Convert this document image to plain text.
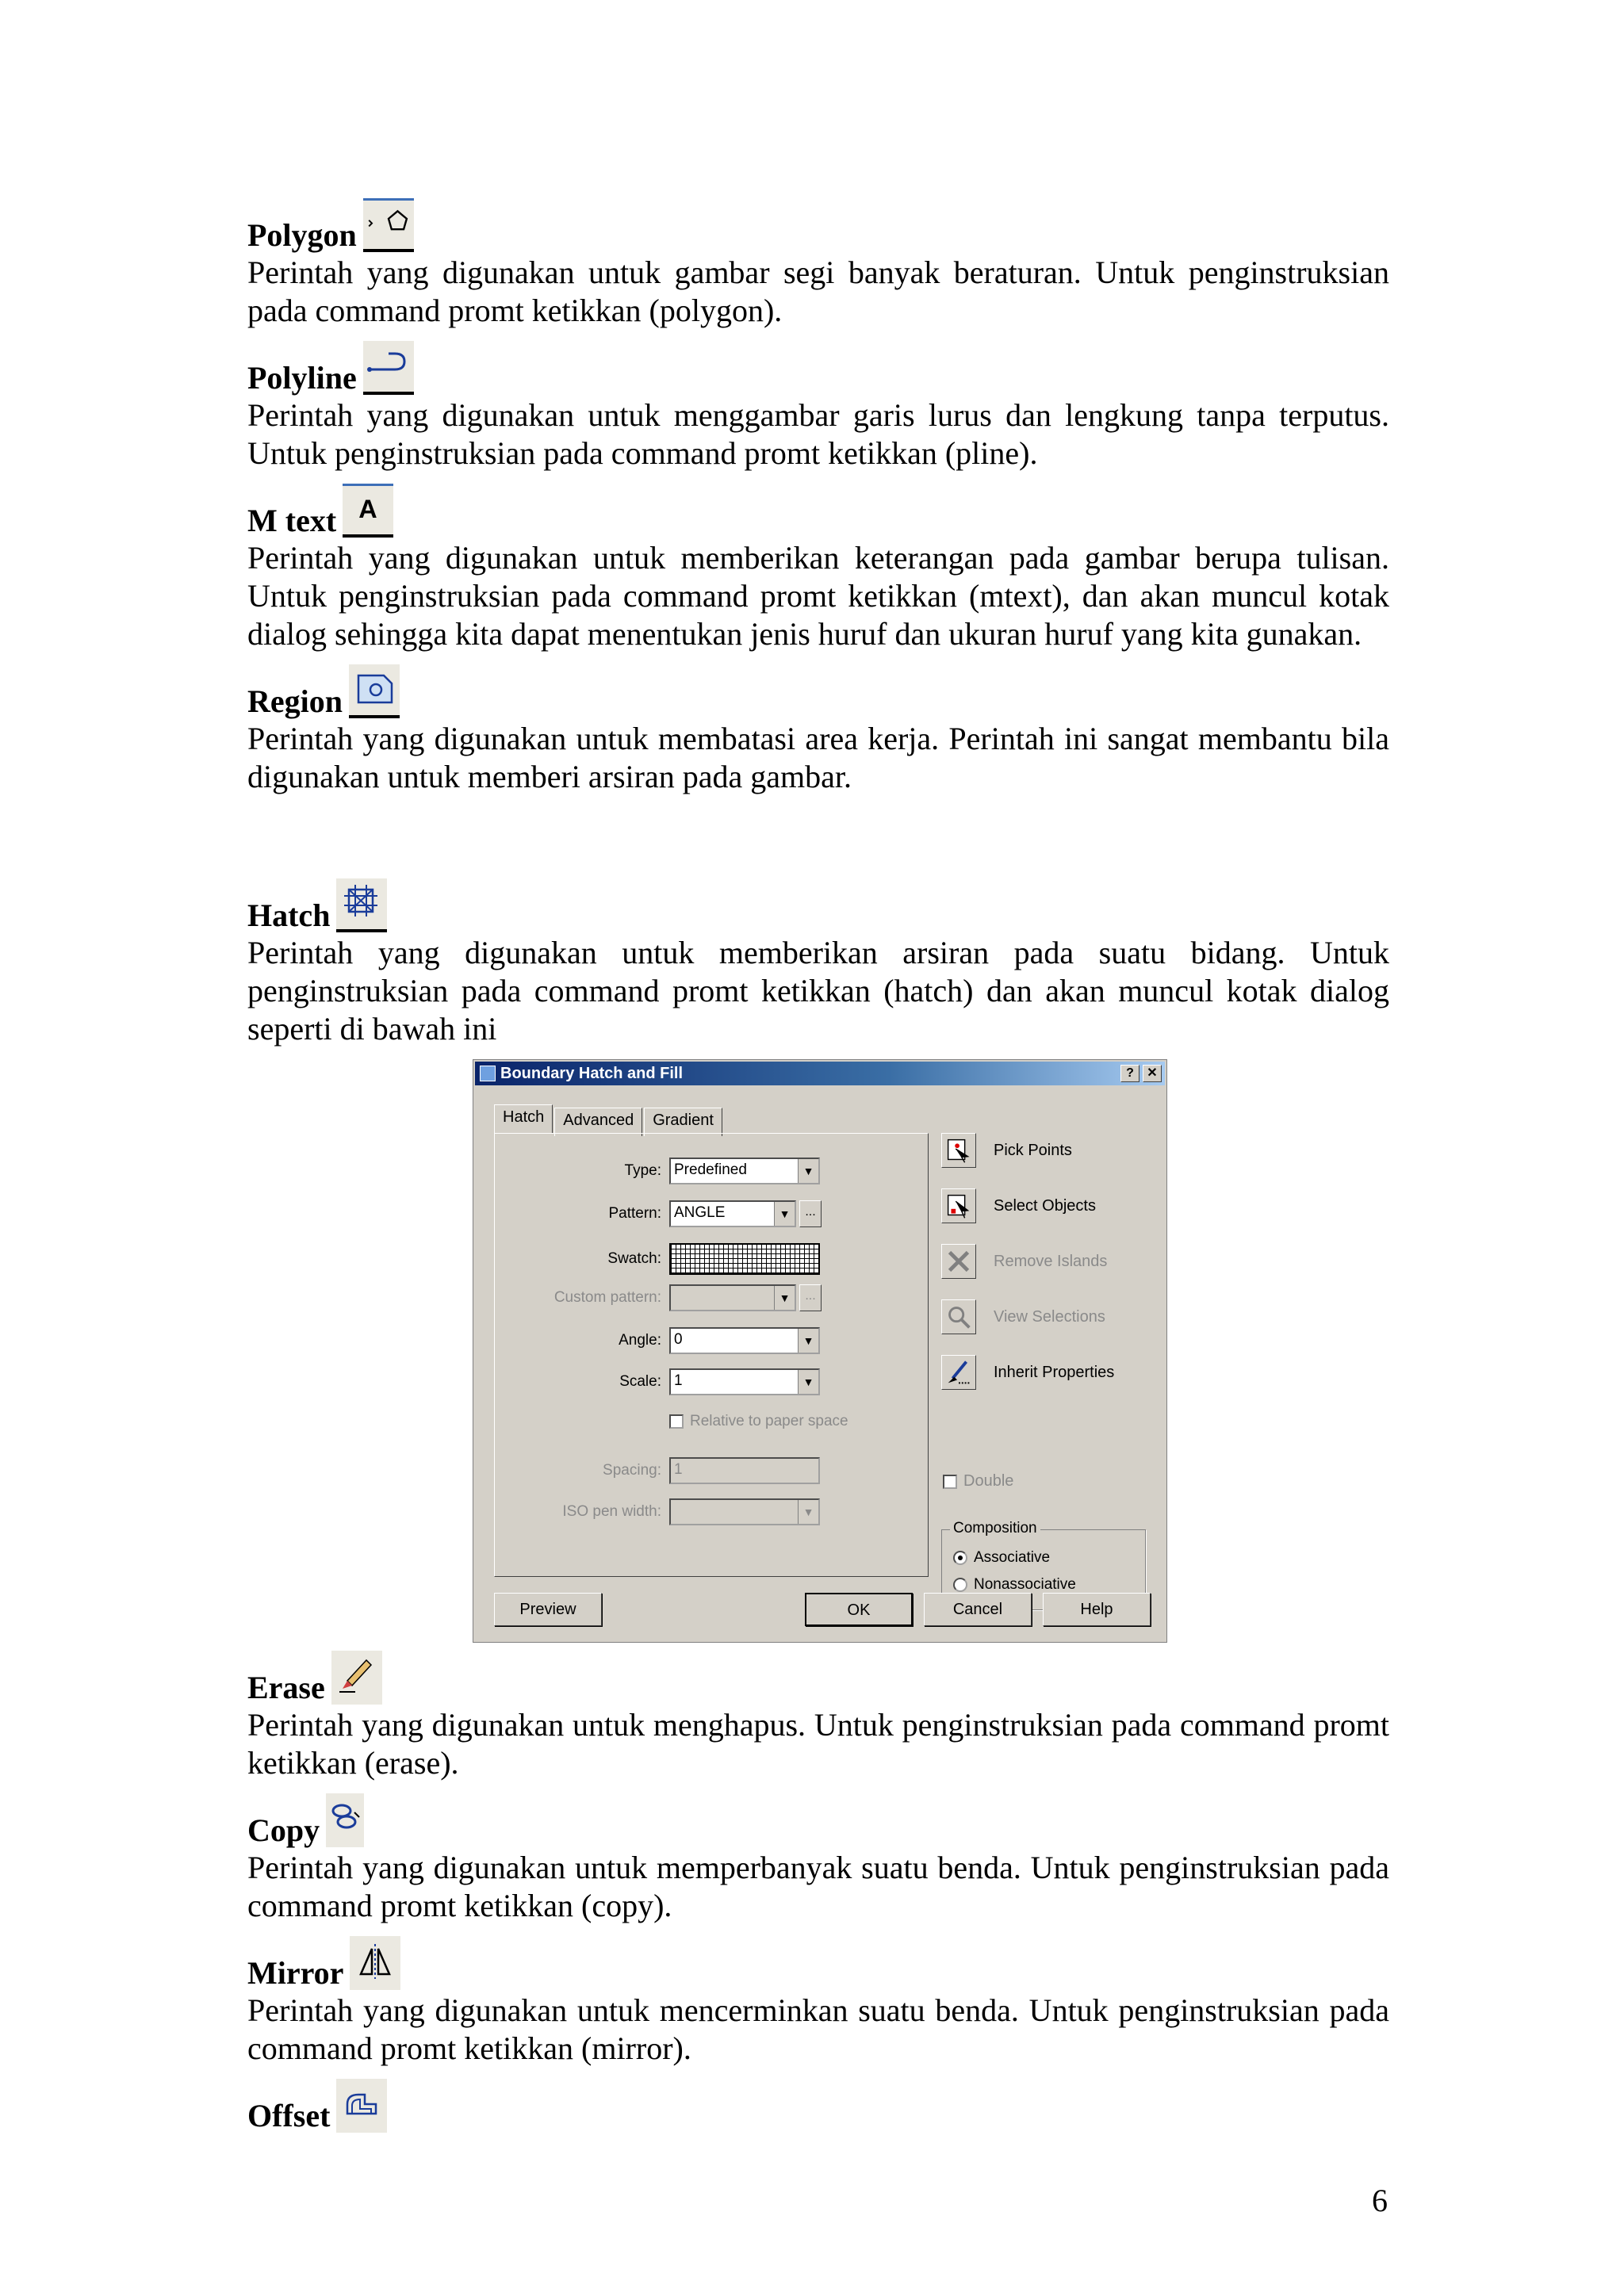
Polygon

Perintah yang digunakan untuk gambar segi banyak beraturan. Untuk penginstruksian pada command promt ketikkan (polygon).

Polyline

Perintah yang digunakan untuk menggambar garis lurus dan lengkung tanpa terputus. Untuk penginstruksian pada command promt ketikkan (pline).

M text A

Perintah yang digunakan untuk memberikan keterangan pada gambar berupa tulisan. Untuk penginstruksian pada command promt ketikkan (mtext), dan akan muncul kotak dialog sehingga kita dapat menentukan jenis huruf dan ukuran huruf yang kita gunakan.

Region

Perintah yang digunakan untuk membatasi area kerja. Perintah ini sangat membantu bila digunakan untuk memberi arsiran pada gambar.

Hatch

Perintah yang digunakan untuk memberikan arsiran pada suatu bidang. Untuk penginstruksian pada command promt ketikkan (hatch) dan akan muncul kotak dialog seperti di bawah ini

Boundary Hatch and Fill	?	✕
Hatch	Advanced	Gradient
Type: Predefined	▼
Pattern: ANGLE	▼	...
Swatch:
Custom pattern:	▼	...
Angle: 0	▼
Scale: 1	▼
Relative to paper space
Spacing: 1
ISO pen width:	▼
Pick Points
Select Objects
Remove Islands
View Selections
Inherit Properties
Double
Composition
Associative
Nonassociative
Preview	OK	Cancel	Help
Erase

Perintah yang digunakan untuk menghapus. Untuk penginstruksian pada command promt ketikkan (erase).

Copy

Perintah yang digunakan untuk memperbanyak suatu benda. Untuk penginstruksian pada command promt ketikkan (copy).

Mirror

Perintah yang digunakan untuk mencerminkan suatu benda. Untuk penginstruksian pada command promt ketikkan (mirror).

Offset
6
